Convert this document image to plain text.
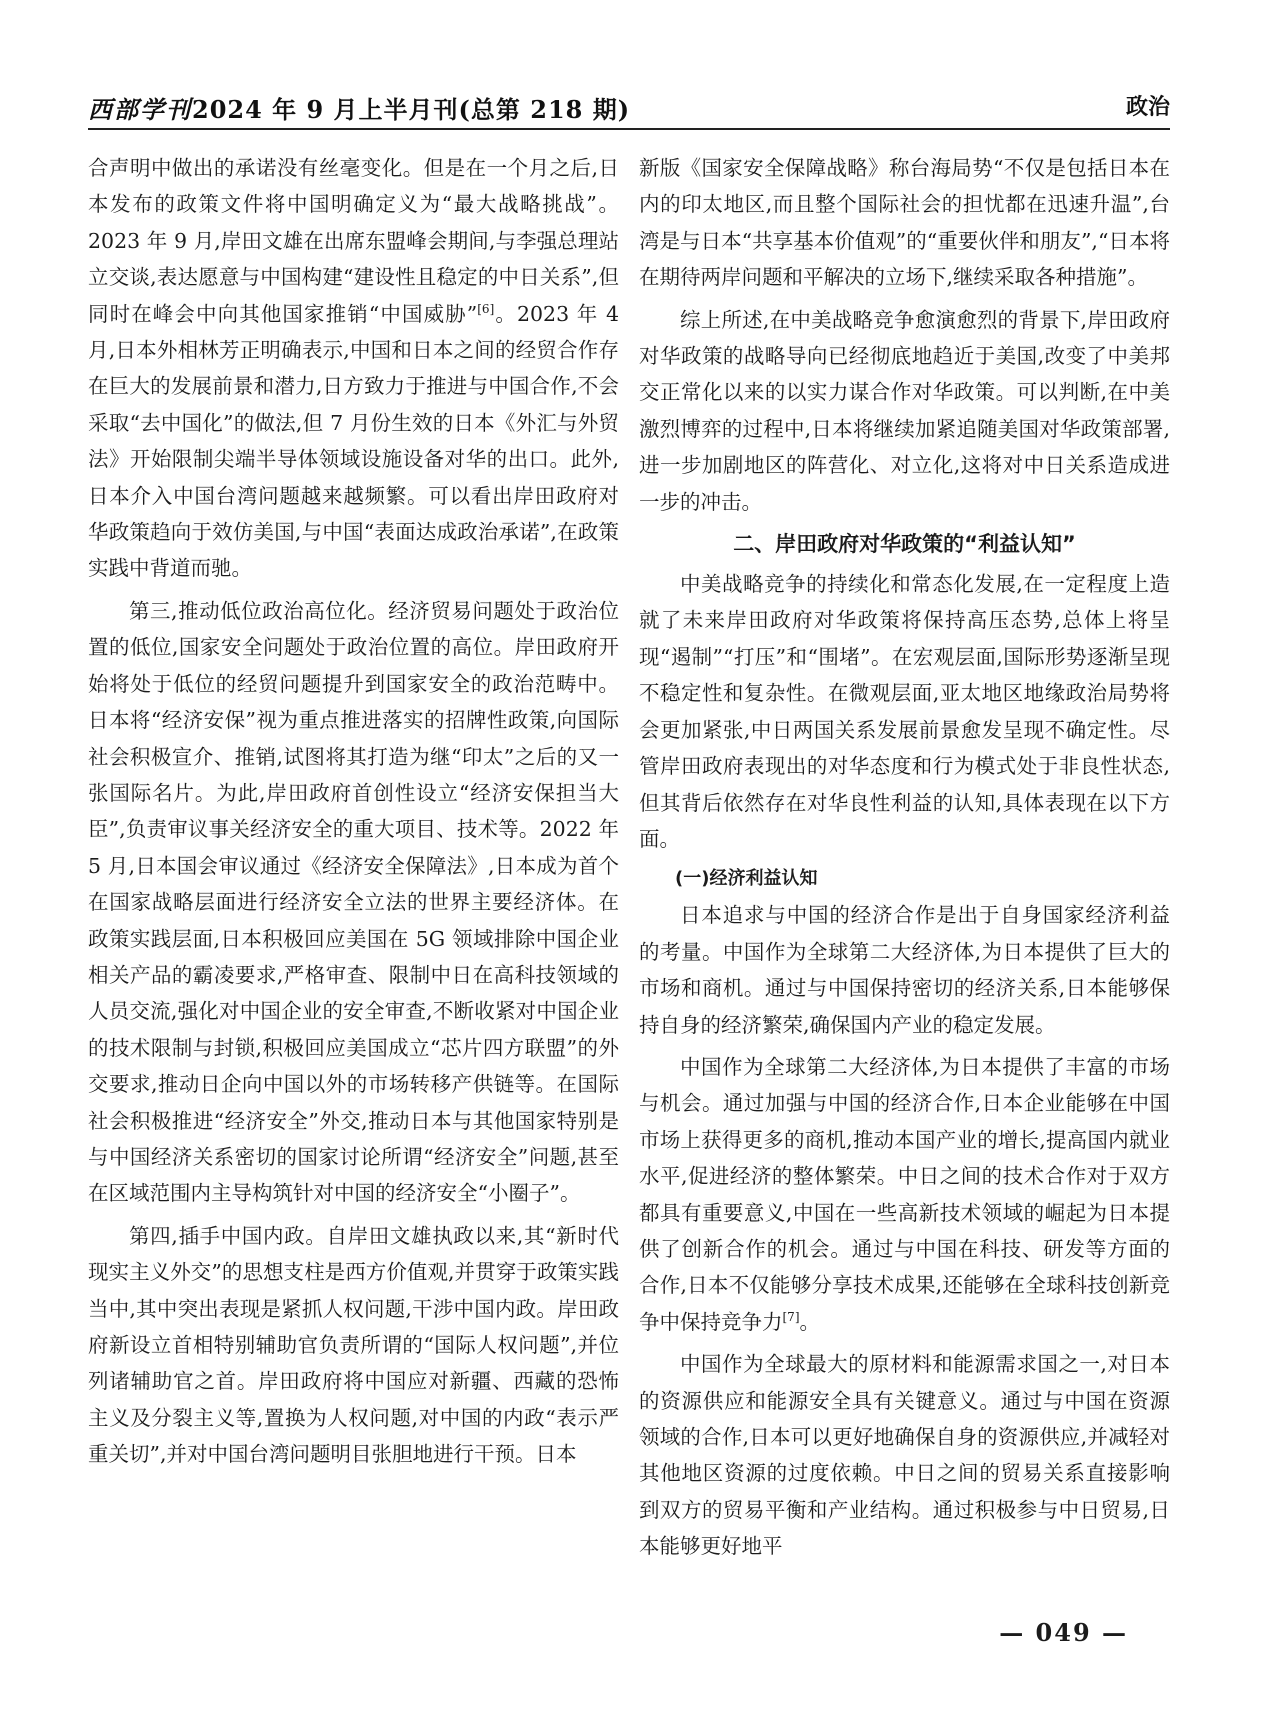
西部学刊2024 年 9 月上半月刊(总第 218 期)	政治

合声明中做出的承诺没有丝毫变化。但是在一个月之后,日本发布的政策文件将中国明确定义为“最大战略挑战”。2023 年 9 月,岸田文雄在出席东盟峰会期间,与李强总理站立交谈,表达愿意与中国构建“建设性且稳定的中日关系”,但同时在峰会中向其他国家推销“中国威胁”[6]。2023 年 4 月,日本外相林芳正明确表示,中国和日本之间的经贸合作存在巨大的发展前景和潜力,日方致力于推进与中国合作,不会采取“去中国化”的做法,但 7 月份生效的日本《外汇与外贸法》开始限制尖端半导体领域设施设备对华的出口。此外,日本介入中国台湾问题越来越频繁。可以看出岸田政府对华政策趋向于效仿美国,与中国“表面达成政治承诺”,在政策实践中背道而驰。

第三,推动低位政治高位化。经济贸易问题处于政治位置的低位,国家安全问题处于政治位置的高位。岸田政府开始将处于低位的经贸问题提升到国家安全的政治范畴中。日本将“经济安保”视为重点推进落实的招牌性政策,向国际社会积极宣介、推销,试图将其打造为继“印太”之后的又一张国际名片。为此,岸田政府首创性设立“经济安保担当大臣”,负责审议事关经济安全的重大项目、技术等。2022 年 5 月,日本国会审议通过《经济安全保障法》,日本成为首个在国家战略层面进行经济安全立法的世界主要经济体。在政策实践层面,日本积极回应美国在 5G 领域排除中国企业相关产品的霸凌要求,严格审查、限制中日在高科技领域的人员交流,强化对中国企业的安全审查,不断收紧对中国企业的技术限制与封锁,积极回应美国成立“芯片四方联盟”的外交要求,推动日企向中国以外的市场转移产供链等。在国际社会积极推进“经济安全”外交,推动日本与其他国家特别是与中国经济关系密切的国家讨论所谓“经济安全”问题,甚至在区域范围内主导构筑针对中国的经济安全“小圈子”。

第四,插手中国内政。自岸田文雄执政以来,其“新时代现实主义外交”的思想支柱是西方价值观,并贯穿于政策实践当中,其中突出表现是紧抓人权问题,干涉中国内政。岸田政府新设立首相特别辅助官负责所谓的“国际人权问题”,并位列诸辅助官之首。岸田政府将中国应对新疆、西藏的恐怖主义及分裂主义等,置换为人权问题,对中国的内政“表示严重关切”,并对中国台湾问题明目张胆地进行干预。日本

新版《国家安全保障战略》称台海局势“不仅是包括日本在内的印太地区,而且整个国际社会的担忧都在迅速升温”,台湾是与日本“共享基本价值观”的“重要伙伴和朋友”,“日本将在期待两岸问题和平解决的立场下,继续采取各种措施”。

综上所述,在中美战略竞争愈演愈烈的背景下,岸田政府对华政策的战略导向已经彻底地趋近于美国,改变了中美邦交正常化以来的以实力谋合作对华政策。可以判断,在中美激烈博弈的过程中,日本将继续加紧追随美国对华政策部署,进一步加剧地区的阵营化、对立化,这将对中日关系造成进一步的冲击。

二、岸田政府对华政策的“利益认知”

中美战略竞争的持续化和常态化发展,在一定程度上造就了未来岸田政府对华政策将保持高压态势,总体上将呈现“遏制”“打压”和“围堵”。在宏观层面,国际形势逐渐呈现不稳定性和复杂性。在微观层面,亚太地区地缘政治局势将会更加紧张,中日两国关系发展前景愈发呈现不确定性。尽管岸田政府表现出的对华态度和行为模式处于非良性状态,但其背后依然存在对华良性利益的认知,具体表现在以下方面。

(一)经济利益认知

日本追求与中国的经济合作是出于自身国家经济利益的考量。中国作为全球第二大经济体,为日本提供了巨大的市场和商机。通过与中国保持密切的经济关系,日本能够保持自身的经济繁荣,确保国内产业的稳定发展。

中国作为全球第二大经济体,为日本提供了丰富的市场与机会。通过加强与中国的经济合作,日本企业能够在中国市场上获得更多的商机,推动本国产业的增长,提高国内就业水平,促进经济的整体繁荣。中日之间的技术合作对于双方都具有重要意义,中国在一些高新技术领域的崛起为日本提供了创新合作的机会。通过与中国在科技、研发等方面的合作,日本不仅能够分享技术成果,还能够在全球科技创新竞争中保持竞争力[7]。

中国作为全球最大的原材料和能源需求国之一,对日本的资源供应和能源安全具有关键意义。通过与中国在资源领域的合作,日本可以更好地确保自身的资源供应,并减轻对其他地区资源的过度依赖。中日之间的贸易关系直接影响到双方的贸易平衡和产业结构。通过积极参与中日贸易,日本能够更好地平

— 049 —
